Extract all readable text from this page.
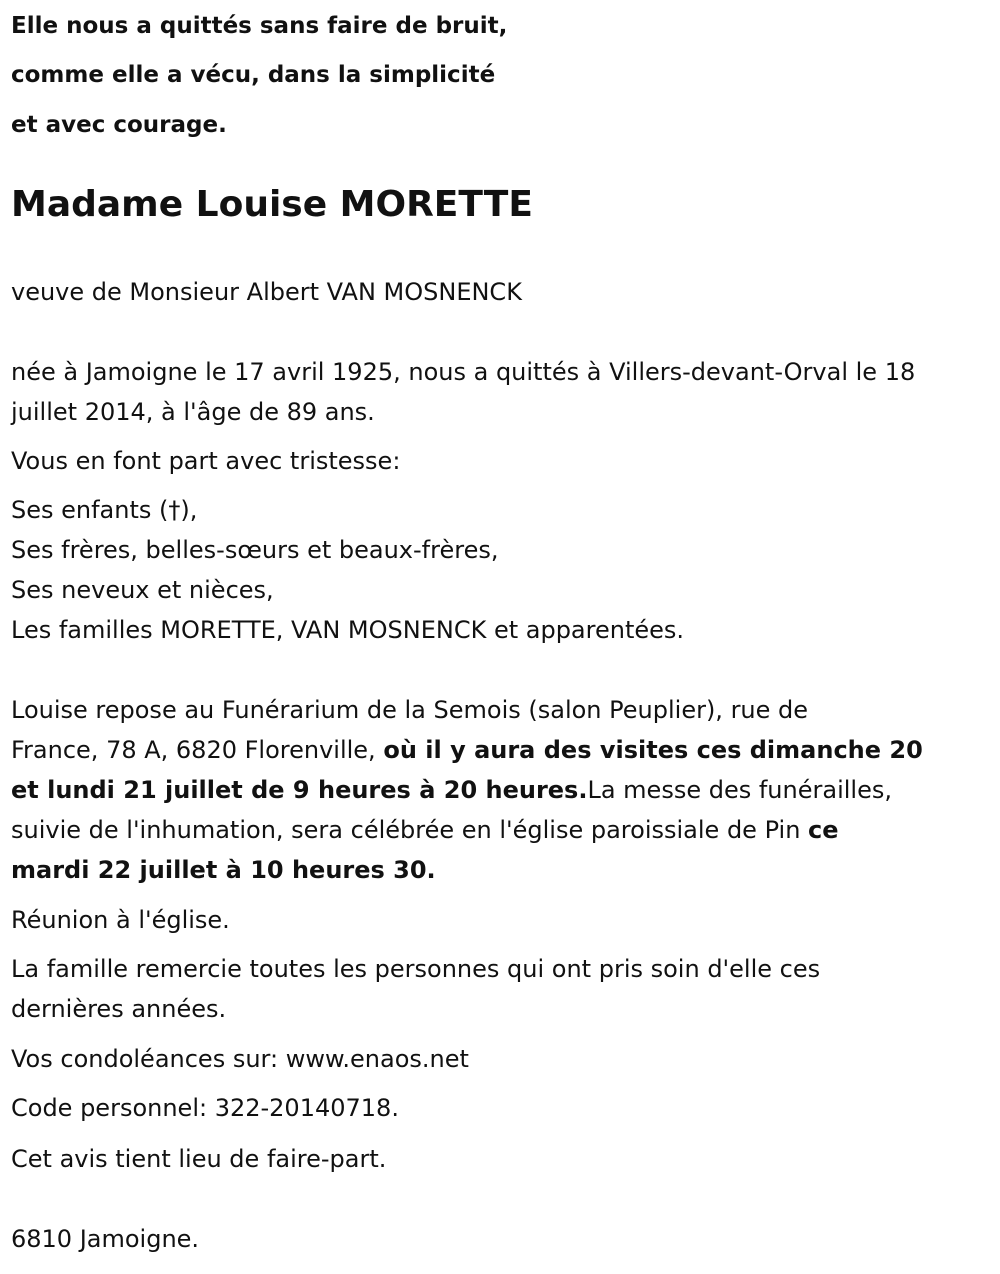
Elle nous a quittés sans faire de bruit,
comme elle a vécu, dans la simplicité
et avec courage.
Madame Louise MORETTE
veuve de Monsieur Albert VAN MOSNENCK
née à Jamoigne le 17 avril 1925, nous a quittés à Villers-devant-Orval le 18
juillet 2014, à l'âge de 89 ans.
Vous en font part avec tristesse:
Ses enfants (†),
Ses frères, belles-sœurs et beaux-frères,
Ses neveux et nièces,
Les familles MORETTE, VAN MOSNENCK et apparentées.
Louise repose au Funérarium de la Semois (salon Peuplier), rue de
France, 78 A, 6820 Florenville, où il y aura des visites ces dimanche 20
et lundi 21 juillet de 9 heures à 20 heures.La messe des funérailles,
suivie de l'inhumation, sera célébrée en l'église paroissiale de Pin ce
mardi 22 juillet à 10 heures 30.
Réunion à l'église.
La famille remercie toutes les personnes qui ont pris soin d'elle ces
dernières années.
Vos condoléances sur: www.enaos.net
Code personnel: 322-20140718.
Cet avis tient lieu de faire-part.
6810 Jamoigne.
